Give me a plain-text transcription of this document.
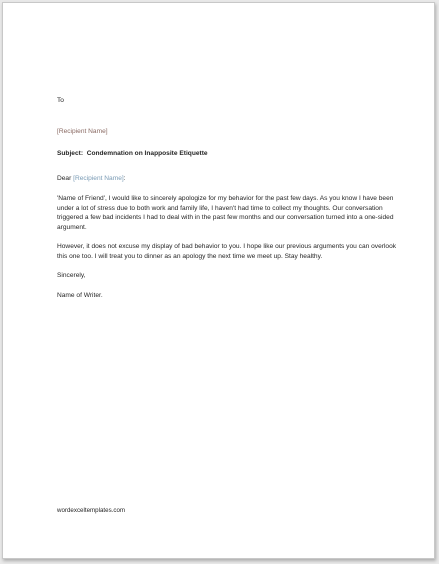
To

[Recipient Name]

Subject: Condemnation on Inapposite Etiquette

Dear [Recipient Name]:

'Name of Friend', I would like to sincerely apologize for my behavior for the past few days. As you know I have been under a lot of stress due to both work and family life, I haven't had time to collect my thoughts. Our conversation triggered a few bad incidents I had to deal with in the past few months and our conversation turned into a one-sided argument.

However, it does not excuse my display of bad behavior to you. I hope like our previous arguments you can overlook this one too. I will treat you to dinner as an apology the next time we meet up. Stay healthy.

Sincerely,

Name of Writer.

wordexceltemplates.com
